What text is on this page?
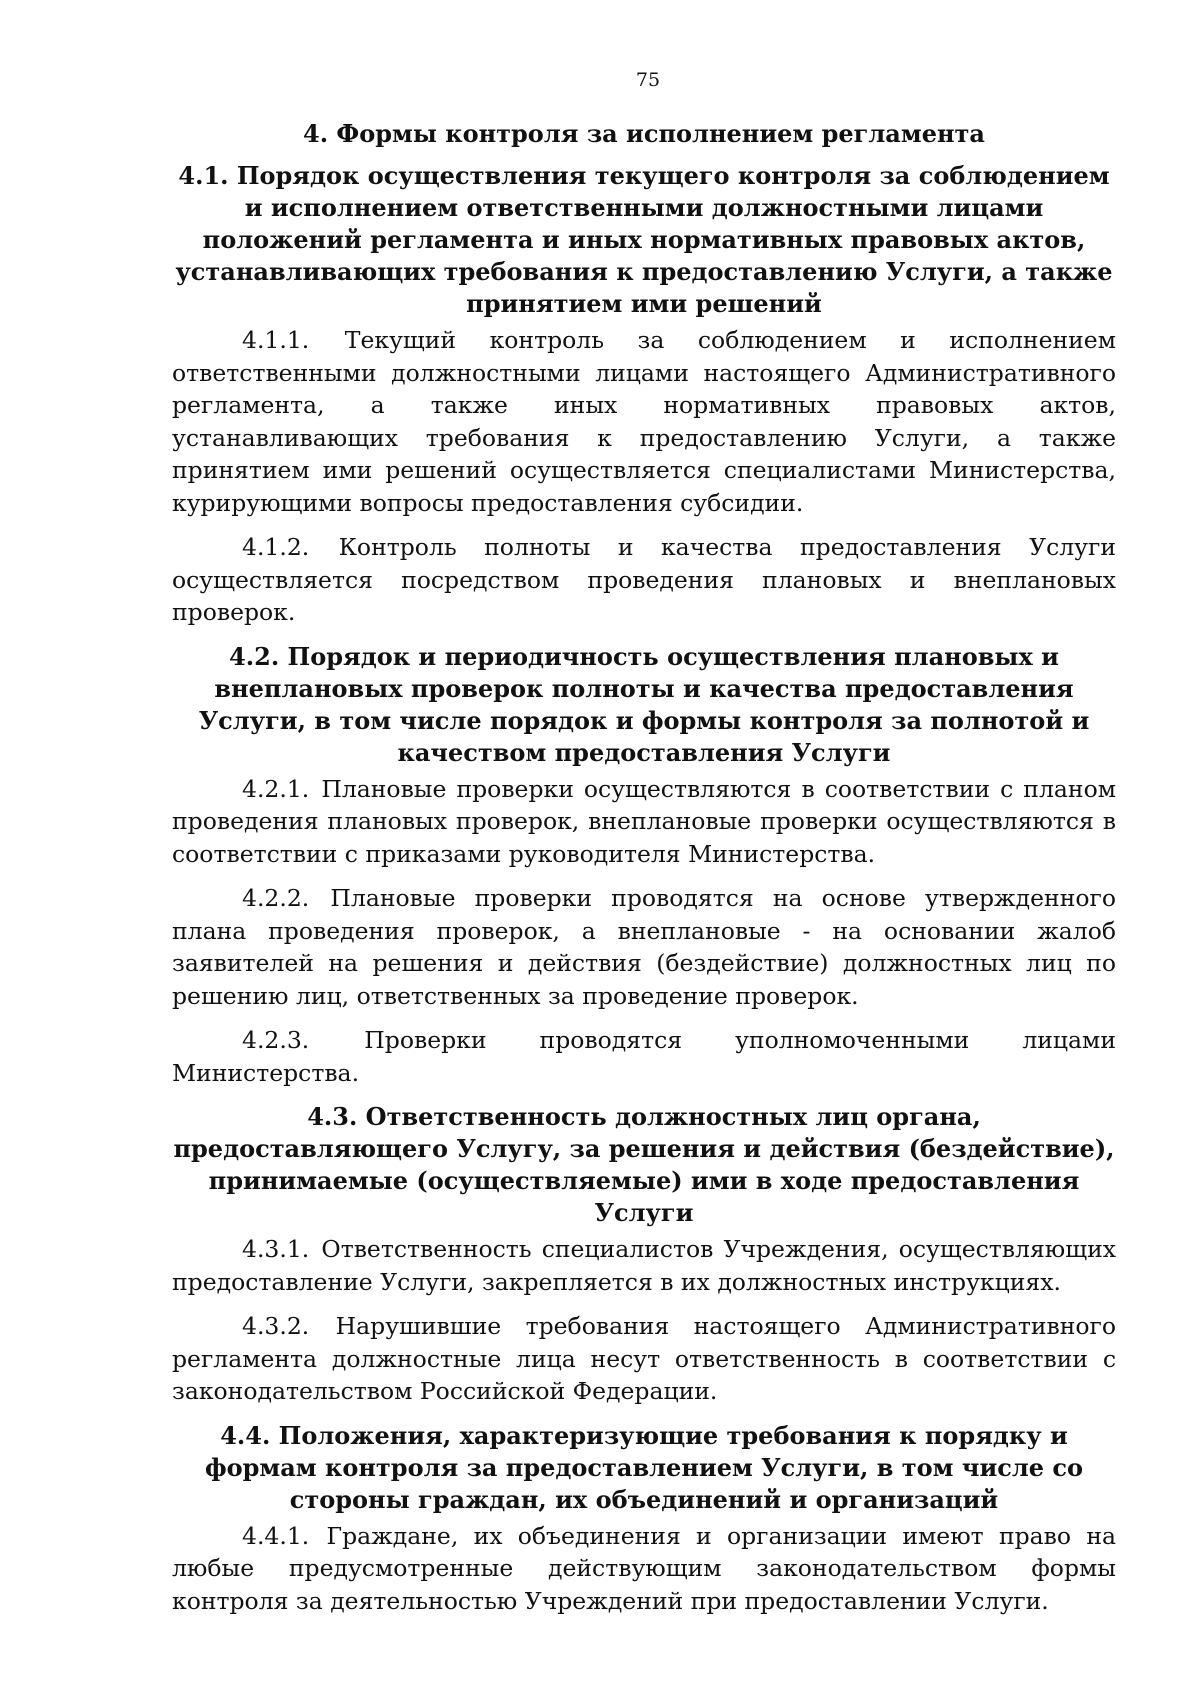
75
4. Формы контроля за исполнением регламента
4.1. Порядок осуществления текущего контроля за соблюдением и исполнением ответственными должностными лицами положений регламента и иных нормативных правовых актов, устанавливающих требования к предоставлению Услуги, а также принятием ими решений

4.1.1. Текущий контроль за соблюдением и исполнением ответственными должностными лицами настоящего Административного регламента, а также иных нормативных правовых актов, устанавливающих требования к предоставлению Услуги, а также принятием ими решений осуществляется специалистами Министерства, курирующими вопросы предоставления субсидии.

4.1.2. Контроль полноты и качества предоставления Услуги осуществляется посредством проведения плановых и внеплановых проверок.

4.2. Порядок и периодичность осуществления плановых и внеплановых проверок полноты и качества предоставления Услуги, в том числе порядок и формы контроля за полнотой и качеством предоставления Услуги

4.2.1. Плановые проверки осуществляются в соответствии с планом проведения плановых проверок, внеплановые проверки осуществляются в соответствии с приказами руководителя Министерства.

4.2.2. Плановые проверки проводятся на основе утвержденного плана проведения проверок, а внеплановые - на основании жалоб заявителей на решения и действия (бездействие) должностных лиц по решению лиц, ответственных за проведение проверок.

4.2.3. Проверки проводятся уполномоченными лицами Министерства.

4.3. Ответственность должностных лиц органа, предоставляющего Услугу, за решения и действия (бездействие), принимаемые (осуществляемые) ими в ходе предоставления Услуги

4.3.1. Ответственность специалистов Учреждения, осуществляющих предоставление Услуги, закрепляется в их должностных инструкциях.

4.3.2. Нарушившие требования настоящего Административного регламента должностные лица несут ответственность в соответствии с законодательством Российской Федерации.

4.4. Положения, характеризующие требования к порядку и формам контроля за предоставлением Услуги, в том числе со стороны граждан, их объединений и организаций

4.4.1. Граждане, их объединения и организации имеют право на любые предусмотренные действующим законодательством формы контроля за деятельностью Учреждений при предоставлении Услуги.
